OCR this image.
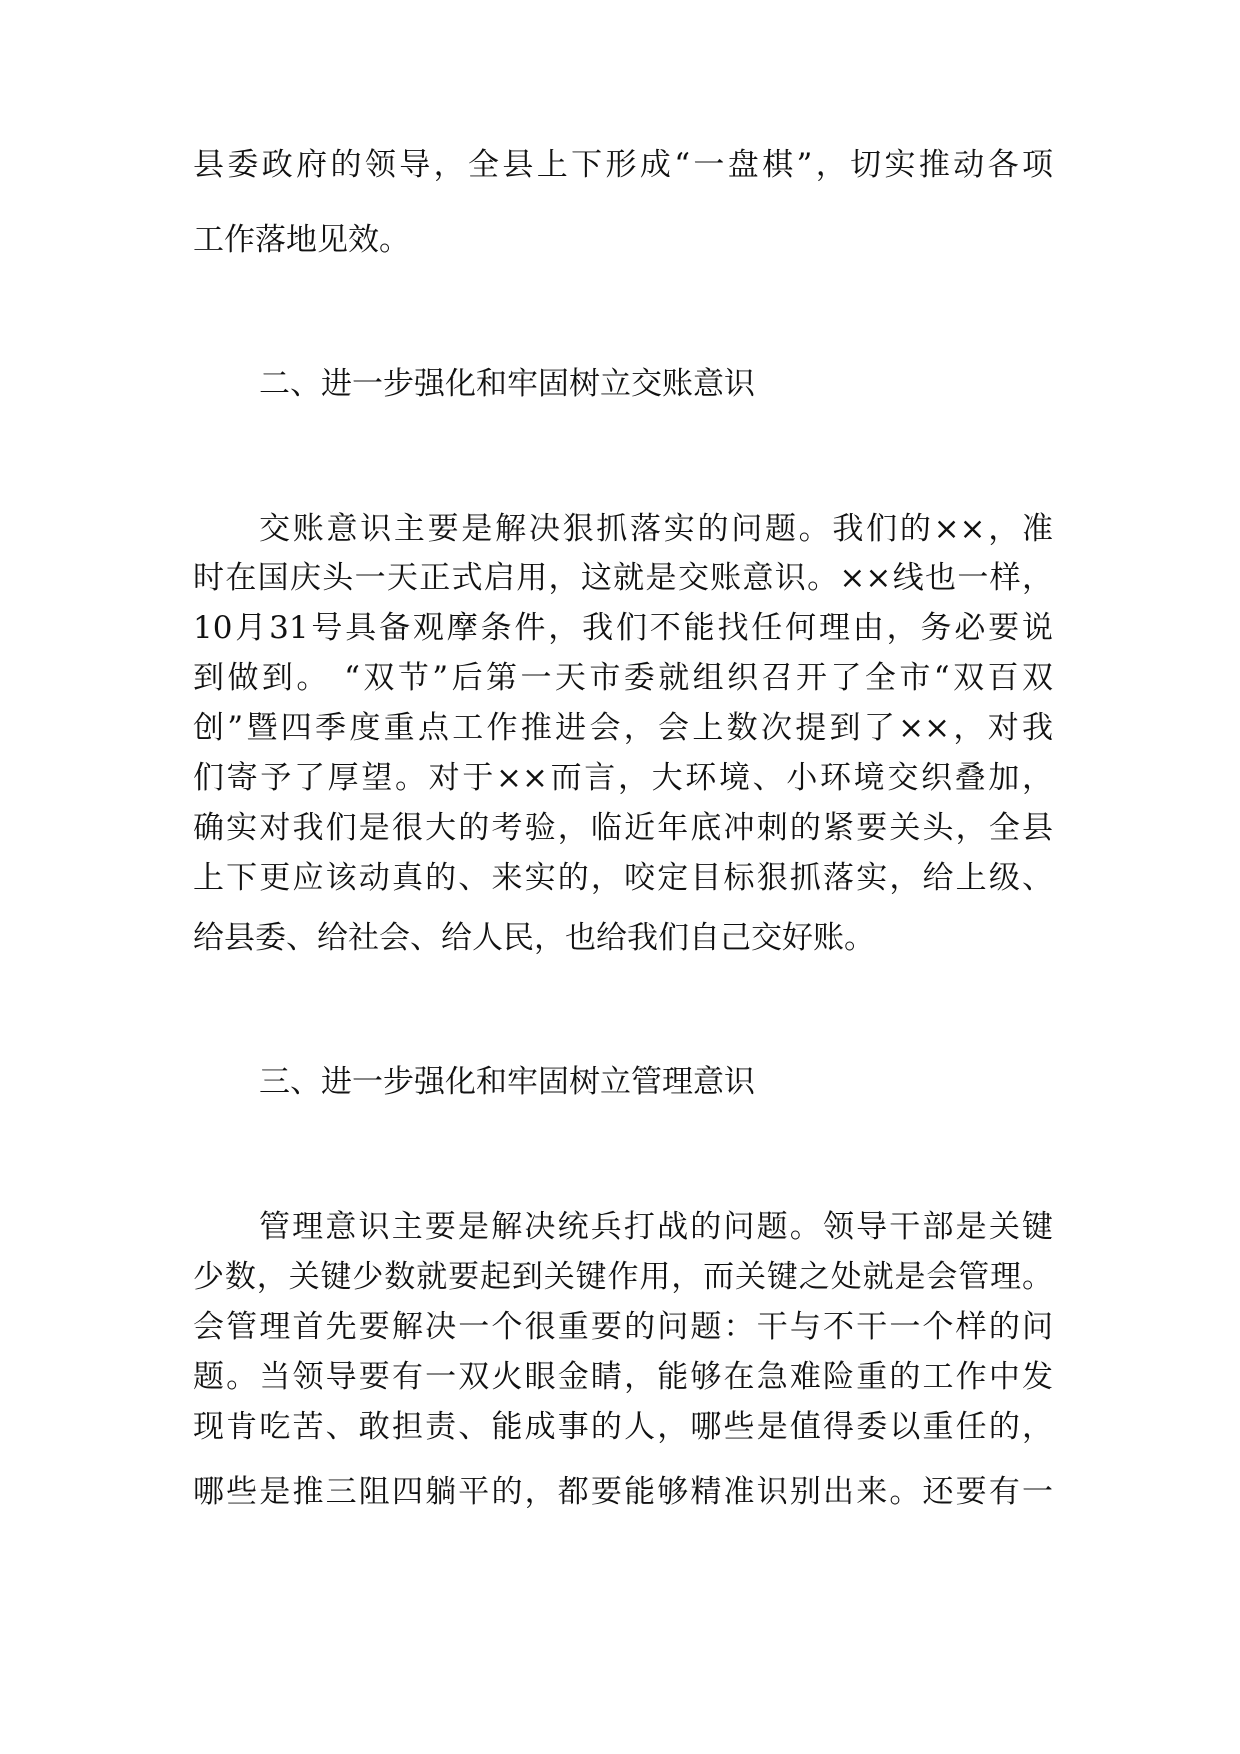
县委政府的领导，全县上下形成“一盘棋”，切实推动各项
工作落地见效。
二、进一步强化和牢固树立交账意识
交账意识主要是解决狠抓落实的问题。我们的××，准
时在国庆头一天正式启用，这就是交账意识。××线也一样，
10月31号具备观摩条件，我们不能找任何理由，务必要说
到做到。 “双节”后第一天市委就组织召开了全市“双百双
创”暨四季度重点工作推进会，会上数次提到了××，对我
们寄予了厚望。对于××而言，大环境、小环境交织叠加，
确实对我们是很大的考验，临近年底冲刺的紧要关头，全县
上下更应该动真的、来实的，咬定目标狠抓落实，给上级、
给县委、给社会、给人民，也给我们自己交好账。
三、进一步强化和牢固树立管理意识
管理意识主要是解决统兵打战的问题。领导干部是关键
少数，关键少数就要起到关键作用，而关键之处就是会管理。
会管理首先要解决一个很重要的问题：干与不干一个样的问
题。当领导要有一双火眼金睛，能够在急难险重的工作中发
现肯吃苦、敢担责、能成事的人，哪些是值得委以重任的，
哪些是推三阻四躺平的，都要能够精准识别出来。还要有一
